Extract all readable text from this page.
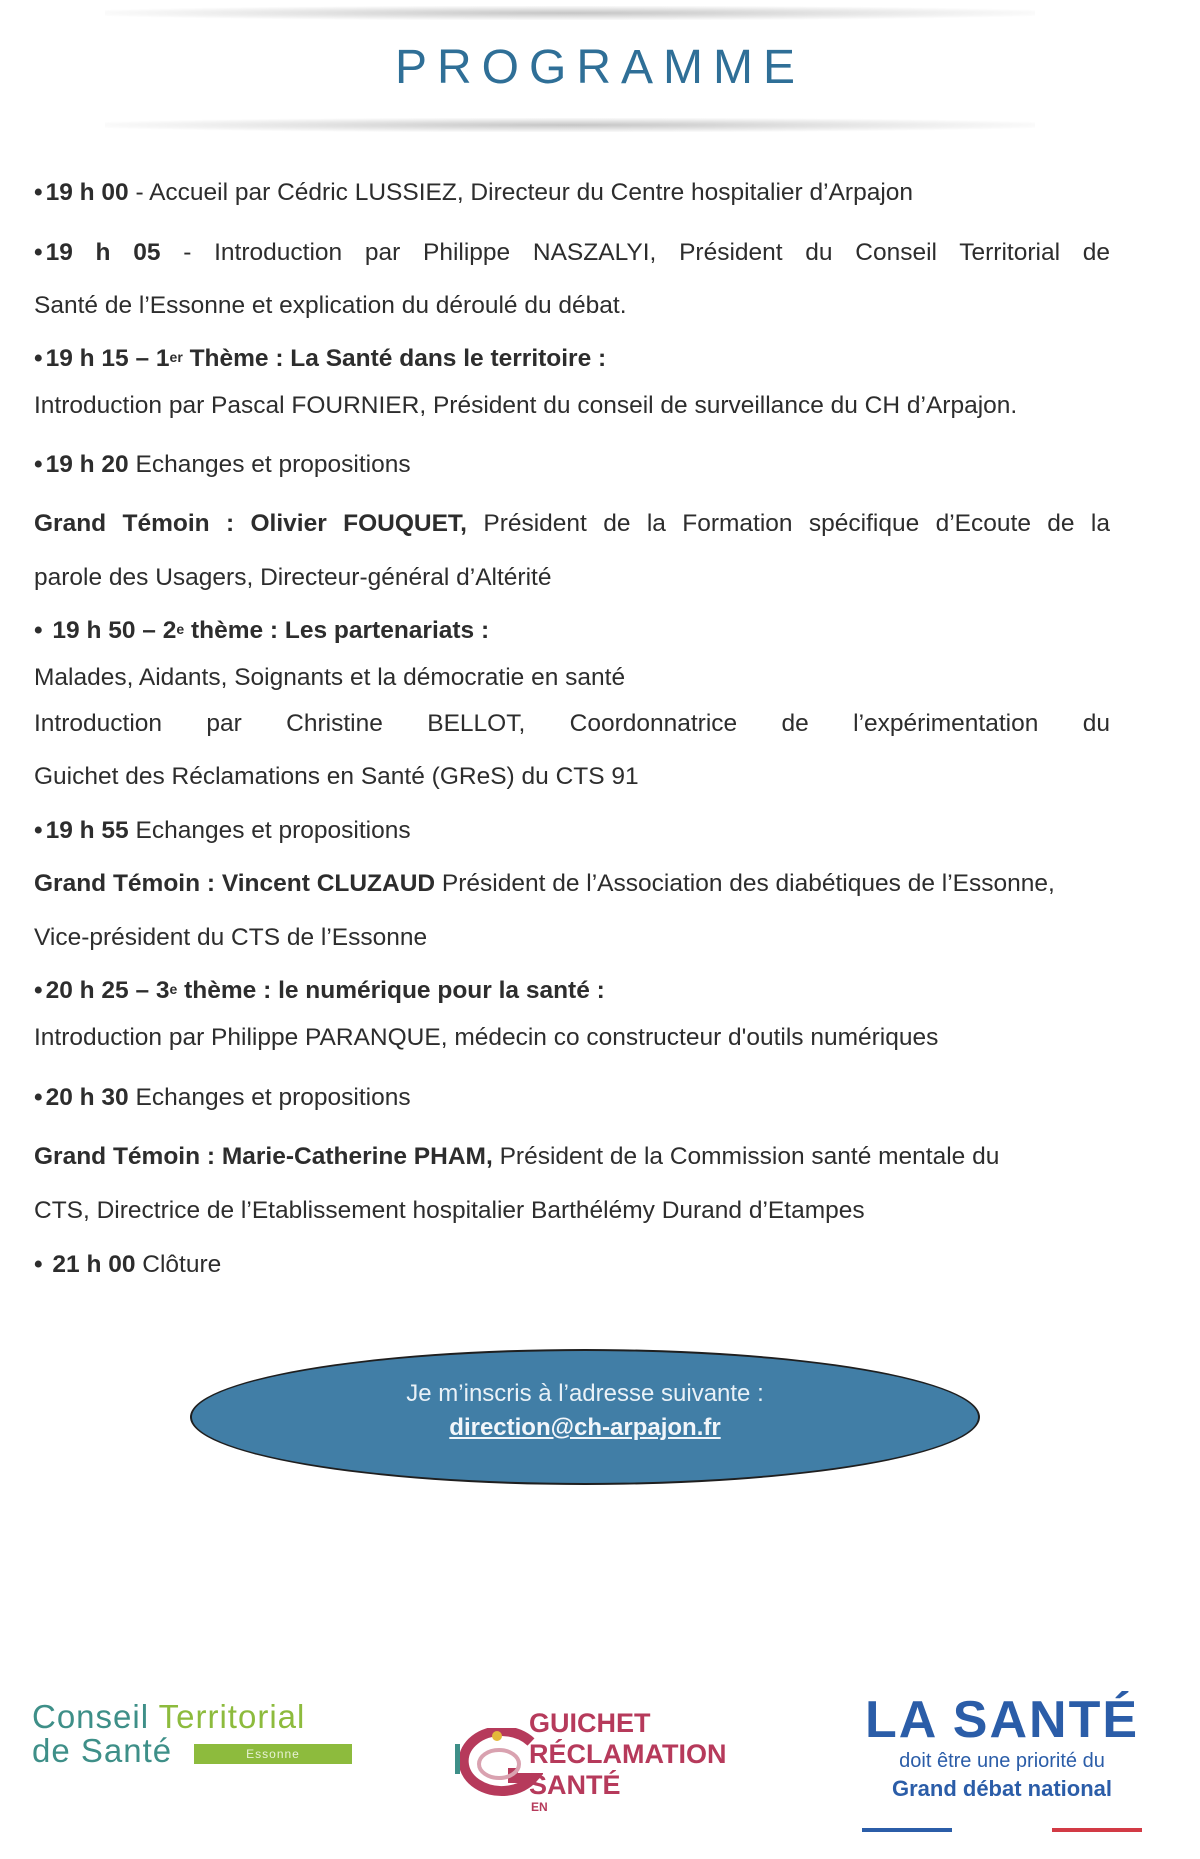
PROGRAMME
• 19 h 00 - Accueil par Cédric LUSSIEZ, Directeur du Centre hospitalier d’Arpajon
• 19 h 05 - Introduction par Philippe NASZALYI, Président du Conseil Territorial de
Santé de l’Essonne et explication du déroulé du débat.
• 19 h 15 – 1er Thème : La Santé dans le territoire :
Introduction par Pascal FOURNIER, Président du conseil de surveillance du CH d’Arpajon.
• 19 h 20 Echanges et propositions
Grand Témoin : Olivier FOUQUET, Président de la Formation spécifique d’Ecoute de la
parole des Usagers, Directeur-général d’Altérité
• 19 h 50 – 2e thème : Les partenariats :
Malades, Aidants, Soignants et la démocratie en santé
Introduction par Christine BELLOT, Coordonnatrice de l’expérimentation du
Guichet des Réclamations en Santé (GReS) du CTS 91
• 19 h 55 Echanges et propositions
Grand Témoin : Vincent CLUZAUD Président de l’Association des diabétiques de l’Essonne,
Vice-président du CTS de l’Essonne
• 20 h 25 – 3e thème : le numérique pour la santé :
Introduction par Philippe PARANQUE, médecin co constructeur d'outils numériques
• 20 h 30 Echanges et propositions
Grand Témoin : Marie-Catherine PHAM, Président de la Commission santé mentale du
CTS, Directrice de l’Etablissement hospitalier Barthélémy Durand d’Etampes
• 21 h 00 Clôture
Je m’inscris à l’adresse suivante :
direction@ch-arpajon.fr
Conseil Territorial
de Santé	Essonne
GUICHET
RÉCLAMATION
SANTÉ
EN
LA SANTÉ
doit être une priorité du
Grand débat national
